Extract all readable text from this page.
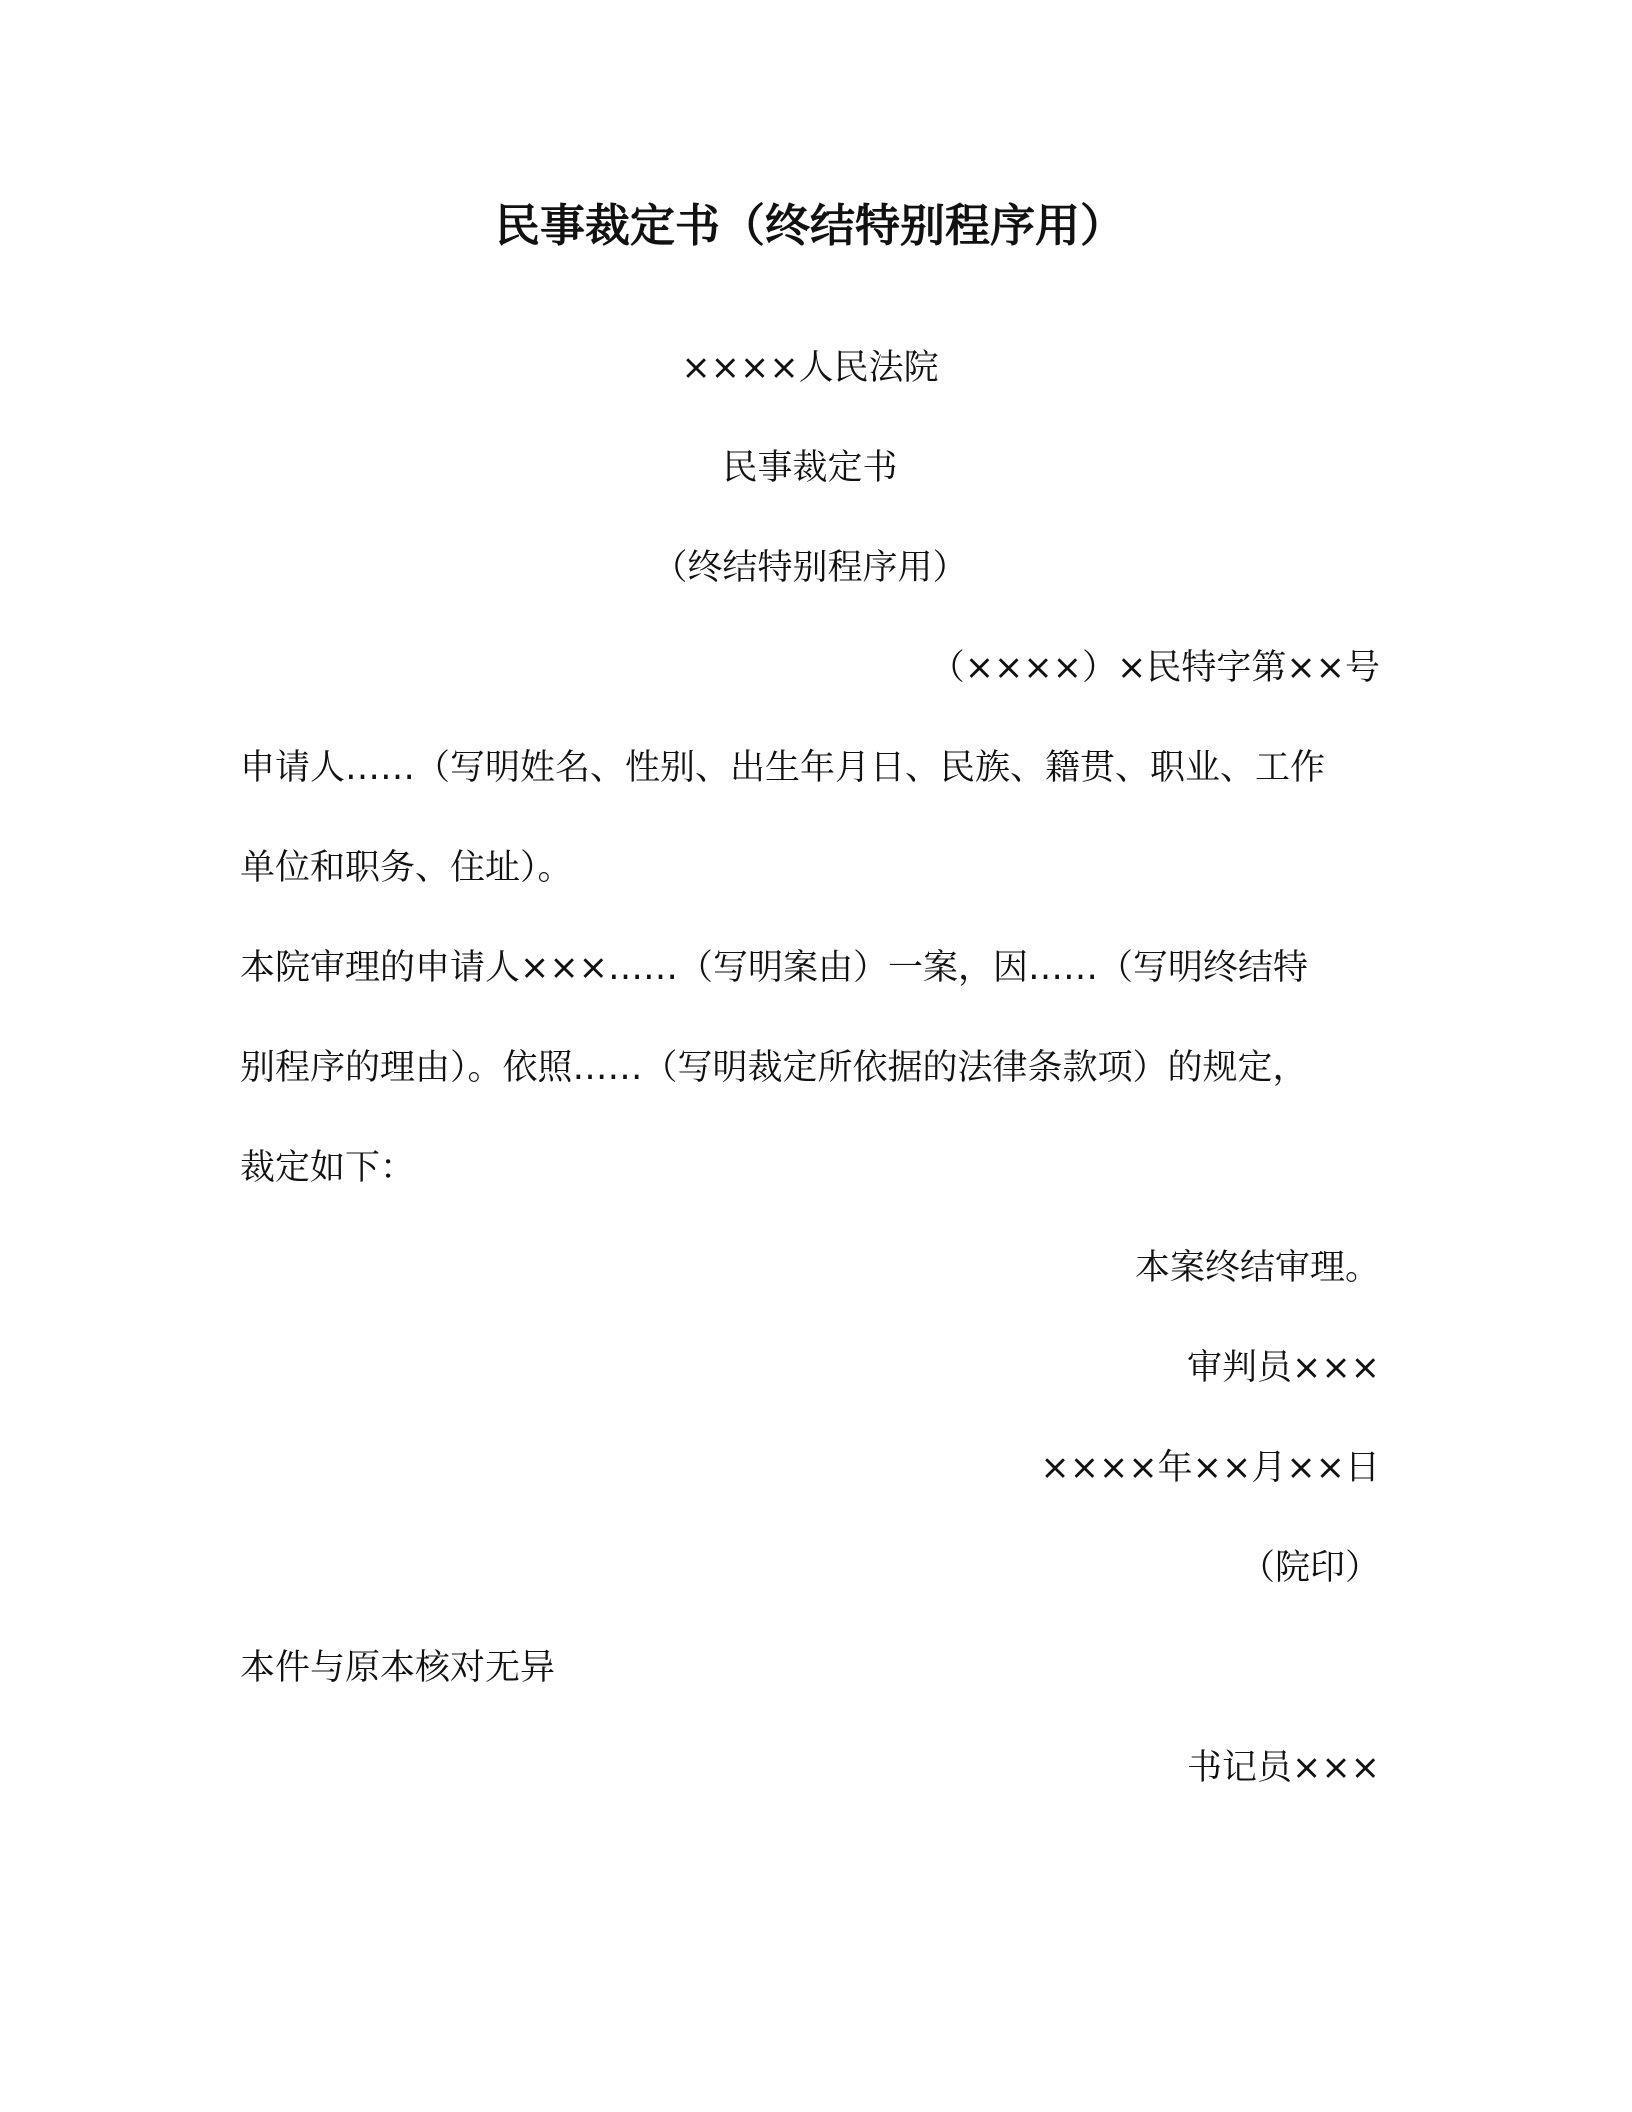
民事裁定书（终结特别程序用）
××××人民法院
民事裁定书
（终结特别程序用）
（××××）×民特字第××号
申请人……（写明姓名、性别、出生年月日、民族、籍贯、职业、工作
单位和职务、住址）。
本院审理的申请人×××……（写明案由）一案，因……（写明终结特
别程序的理由）。依照……（写明裁定所依据的法律条款项）的规定，
裁定如下：
本案终结审理。
审判员×××
××××年××月××日
（院印）
本件与原本核对无异
书记员×××
